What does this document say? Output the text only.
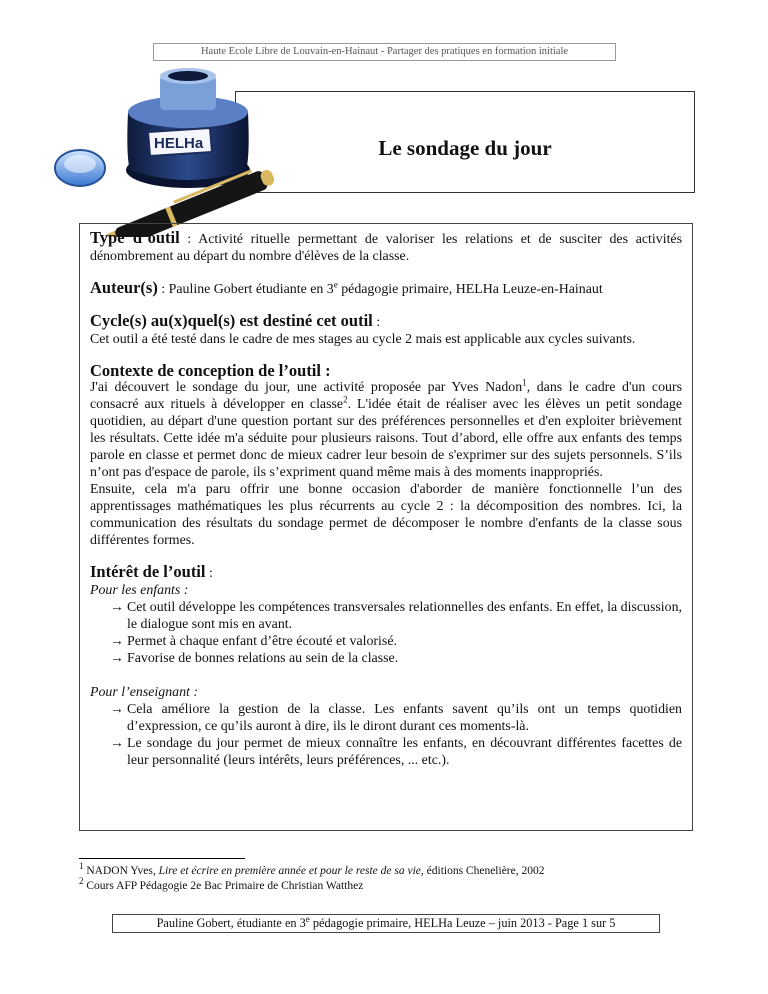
Haute Ecole Libre de Louvain-en-Hainaut - Partager des pratiques en formation initiale
Le sondage du jour
HELHa

Type d’outil : Activité rituelle permettant de valoriser les relations et de susciter des activités dénombrement au départ du nombre d'élèves de la classe.

Auteur(s) : Pauline Gobert étudiante en 3e pédagogie primaire, HELHa Leuze-en-Hainaut

Cycle(s) au(x)quel(s) est destiné cet outil :

Cet outil a été testé dans le cadre de mes stages au cycle 2 mais est applicable aux cycles suivants.

Contexte de conception de l’outil :

J'ai découvert le sondage du jour, une activité proposée par Yves Nadon$^1$, dans le cadre d'un cours consacré aux rituels à développer en classe$^2$. L'idée était de réaliser avec les élèves un petit sondage quotidien, au départ d'une question portant sur des préférences personnelles et d'en exploiter brièvement les résultats. Cette idée m'a séduite pour plusieurs raisons. Tout d’abord, elle offre aux enfants des temps parole en classe et permet donc de mieux cadrer leur besoin de s'exprimer sur des sujets personnels. S’ils n’ont pas d'espace de parole, ils s’expriment quand même mais à des moments inappropriés.

Ensuite, cela m'a paru offrir une bonne occasion d'aborder de manière fonctionnelle l’un des apprentissages mathématiques les plus récurrents au cycle 2 : la décomposition des nombres. Ici, la communication des résultats du sondage permet de décomposer le nombre d'enfants de la classe sous différentes formes.

Intérêt de l’outil :

Pour les enfants :

→ Cet outil développe les compétences transversales relationnelles des enfants. En effet, la discussion, le dialogue sont mis en avant.
→ Permet à chaque enfant d’être écouté et valorisé.
→ Favorise de bonnes relations au sein de la classe.

Pour l’enseignant :

→ Cela améliore la gestion de la classe. Les enfants savent qu’ils ont un temps quotidien d’expression, ce qu’ils auront à dire, ils le diront durant ces moments-là.
→ Le sondage du jour permet de mieux connaître les enfants, en découvrant différentes facettes de leur personnalité (leurs intérêts, leurs préférences, ... etc.).
$^1$ NADON Yves, Lire et écrire en première année et pour le reste de sa vie, éditions Chenelière, 2002
$^2$ Cours AFP Pédagogie 2e Bac Primaire de Christian Watthez
Pauline Gobert, étudiante en 3e pédagogie primaire, HELHa Leuze – juin 2013 - Page 1 sur 5
